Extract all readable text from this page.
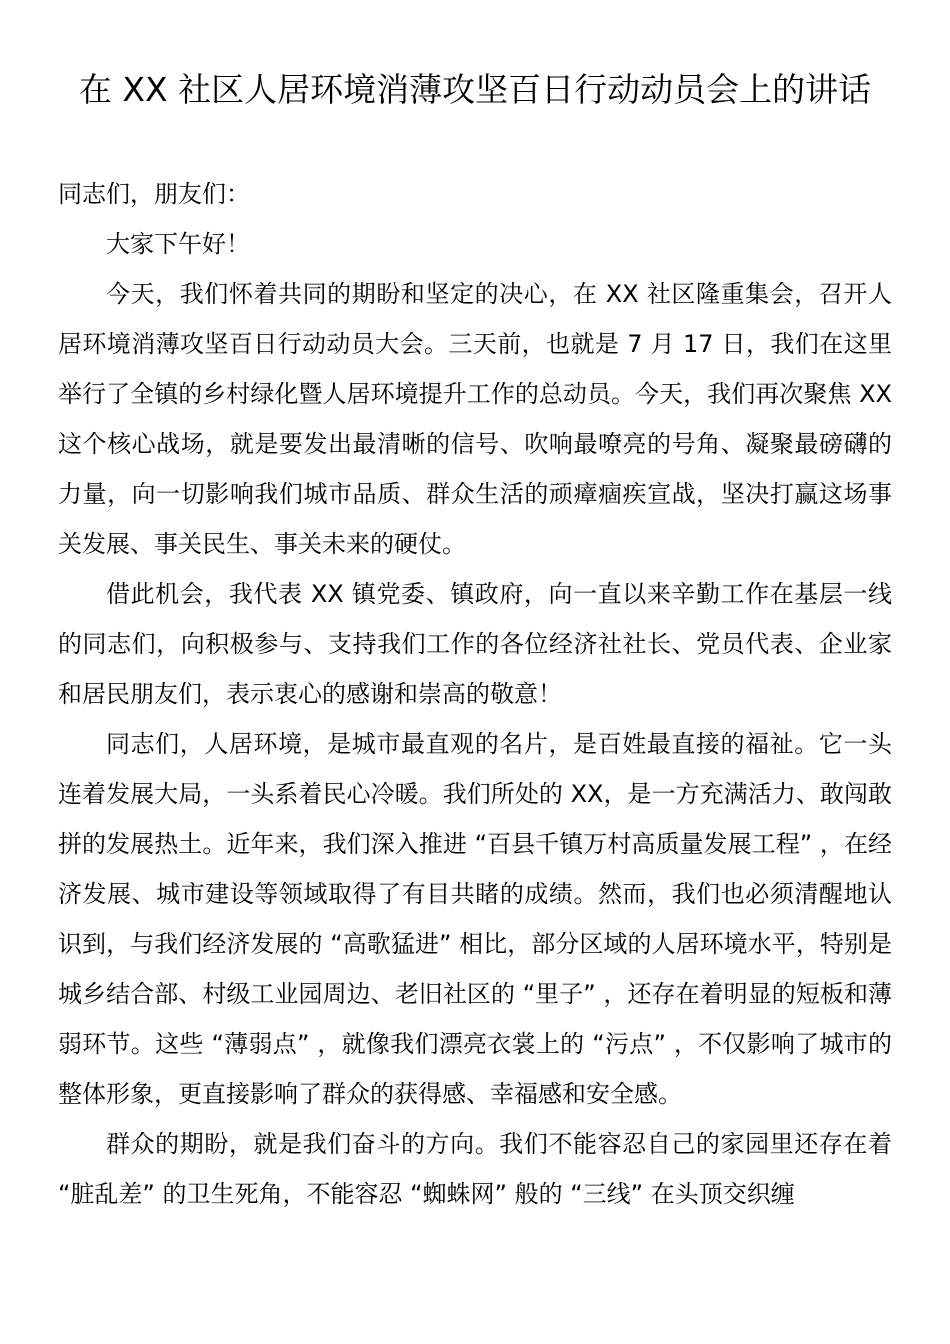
在 XX 社区人居环境消薄攻坚百日行动动员会上的讲话

同志们，朋友们：

大家下午好！

今天，我们怀着共同的期盼和坚定的决心，在 XX 社区隆重集会，召开人居环境消薄攻坚百日行动动员大会。三天前，也就是 7 月 17 日，我们在这里举行了全镇的乡村绿化暨人居环境提升工作的总动员。今天，我们再次聚焦 XX 这个核心战场，就是要发出最清晰的信号、吹响最嘹亮的号角、凝聚最磅礴的力量，向一切影响我们城市品质、群众生活的顽瘴痼疾宣战，坚决打赢这场事关发展、事关民生、事关未来的硬仗。

借此机会，我代表 XX 镇党委、镇政府，向一直以来辛勤工作在基层一线的同志们，向积极参与、支持我们工作的各位经济社社长、党员代表、企业家和居民朋友们，表示衷心的感谢和崇高的敬意！

同志们，人居环境，是城市最直观的名片，是百姓最直接的福祉。它一头连着发展大局，一头系着民心冷暖。我们所处的 XX，是一方充满活力、敢闯敢拼的发展热土。近年来，我们深入推进 “百县千镇万村高质量发展工程” ，在经济发展、城市建设等领域取得了有目共睹的成绩。然而，我们也必须清醒地认识到，与我们经济发展的 “高歌猛进” 相比，部分区域的人居环境水平，特别是城乡结合部、村级工业园周边、老旧社区的 “里子” ，还存在着明显的短板和薄弱环节。这些 “薄弱点” ，就像我们漂亮衣裳上的 “污点” ，不仅影响了城市的整体形象，更直接影响了群众的获得感、幸福感和安全感。

群众的期盼，就是我们奋斗的方向。我们不能容忍自己的家园里还存在着 “脏乱差” 的卫生死角，不能容忍 “蜘蛛网” 般的 “三线” 在头顶交织缠
